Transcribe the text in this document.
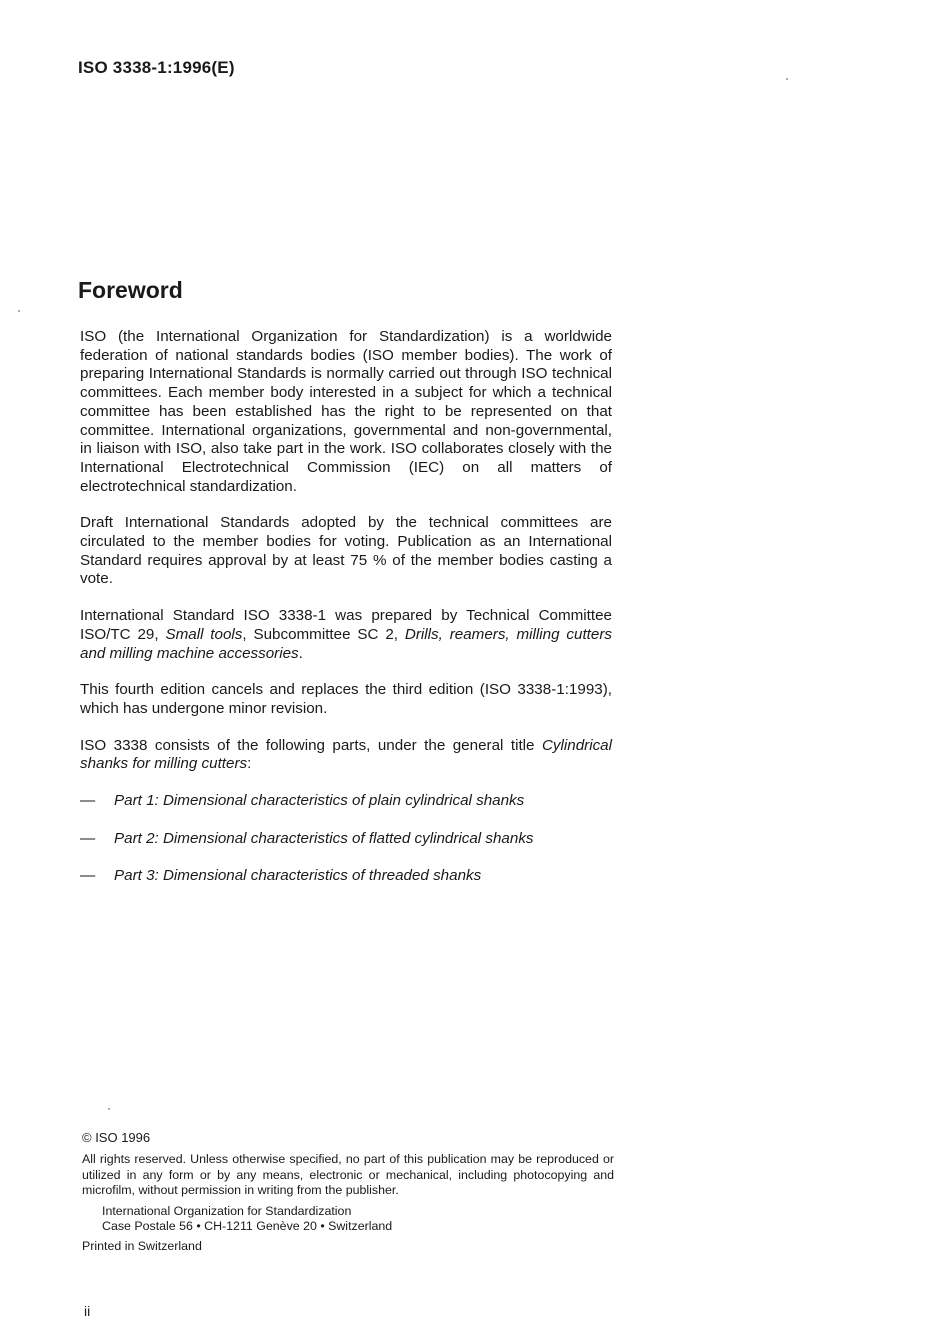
ISO 3338-1:1996(E)
Foreword

ISO (the International Organization for Standardization) is a worldwide federation of national standards bodies (ISO member bodies). The work of preparing International Standards is normally carried out through ISO technical committees. Each member body interested in a subject for which a technical committee has been established has the right to be represented on that committee. International organizations, governmental and non-governmental, in liaison with ISO, also take part in the work. ISO collaborates closely with the International Electrotechnical Commission (IEC) on all matters of electrotechnical standardization.

Draft International Standards adopted by the technical committees are circulated to the member bodies for voting. Publication as an International Standard requires approval by at least 75 % of the member bodies casting a vote.

International Standard ISO 3338-1 was prepared by Technical Committee ISO/TC 29, Small tools, Subcommittee SC 2, Drills, reamers, milling cutters and milling machine accessories.

This fourth edition cancels and replaces the third edition (ISO 3338-1:1993), which has undergone minor revision.

ISO 3338 consists of the following parts, under the general title Cylindrical shanks for milling cutters:

—	Part 1: Dimensional characteristics of plain cylindrical shanks
—	Part 2: Dimensional characteristics of flatted cylindrical shanks
—	Part 3: Dimensional characteristics of threaded shanks
© ISO 1996
All rights reserved. Unless otherwise specified, no part of this publication may be reproduced or utilized in any form or by any means, electronic or mechanical, including photocopying and microfilm, without permission in writing from the publisher.
International Organization for Standardization
Case Postale 56 • CH-1211 Genève 20 • Switzerland
Printed in Switzerland
ii
